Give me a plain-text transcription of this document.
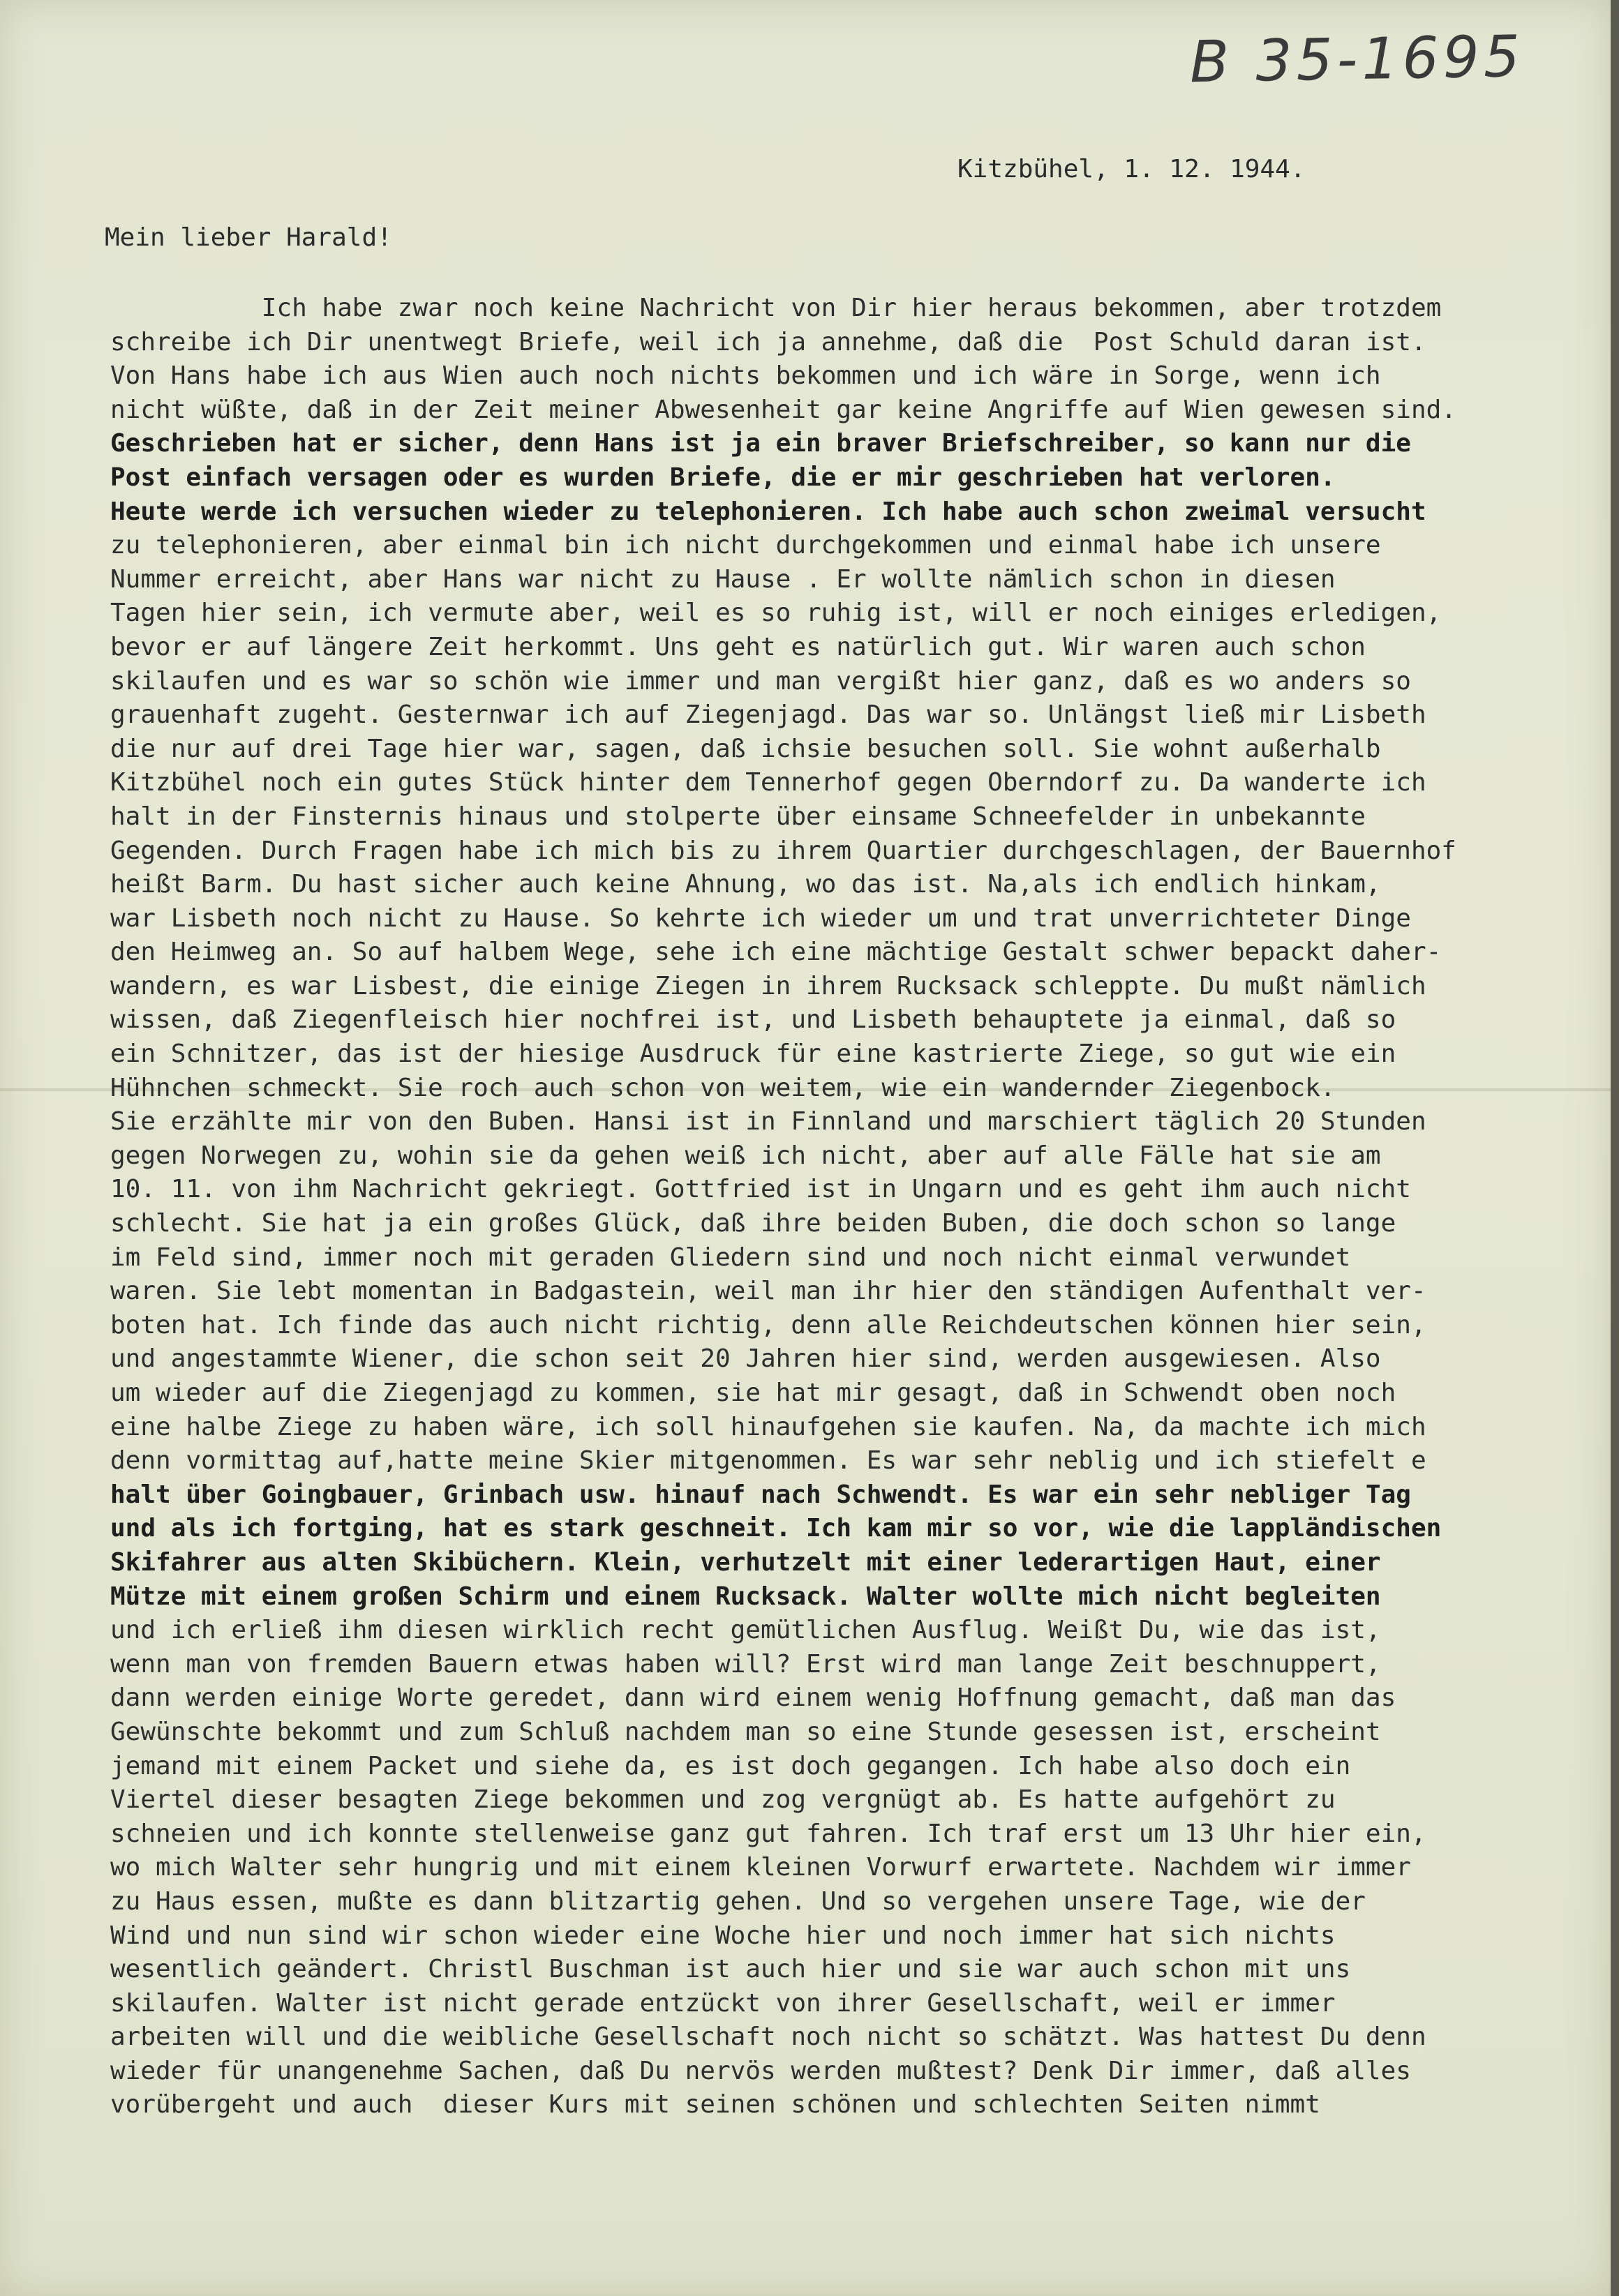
B 35-1695
Kitzbühel, 1. 12. 1944.
Mein lieber Harald!
Ich habe zwar noch keine Nachricht von Dir hier heraus bekommen, aber trotzdem
schreibe ich Dir unentwegt Briefe, weil ich ja annehme, daß die  Post Schuld daran ist.
Von Hans habe ich aus Wien auch noch nichts bekommen und ich wäre in Sorge, wenn ich
nicht wüßte, daß in der Zeit meiner Abwesenheit gar keine Angriffe auf Wien gewesen sind.
Geschrieben hat er sicher, denn Hans ist ja ein braver Briefschreiber, so kann nur die
Post einfach versagen oder es wurden Briefe, die er mir geschrieben hat verloren.
Heute werde ich versuchen wieder zu telephonieren. Ich habe auch schon zweimal versucht
zu telephonieren, aber einmal bin ich nicht durchgekommen und einmal habe ich unsere
Nummer erreicht, aber Hans war nicht zu Hause . Er wollte nämlich schon in diesen
Tagen hier sein, ich vermute aber, weil es so ruhig ist, will er noch einiges erledigen,
bevor er auf längere Zeit herkommt. Uns geht es natürlich gut. Wir waren auch schon
skilaufen und es war so schön wie immer und man vergißt hier ganz, daß es wo anders so
grauenhaft zugeht. Gesternwar ich auf Ziegenjagd. Das war so. Unlängst ließ mir Lisbeth
die nur auf drei Tage hier war, sagen, daß ichsie besuchen soll. Sie wohnt außerhalb
Kitzbühel noch ein gutes Stück hinter dem Tennerhof gegen Oberndorf zu. Da wanderte ich
halt in der Finsternis hinaus und stolperte über einsame Schneefelder in unbekannte
Gegenden. Durch Fragen habe ich mich bis zu ihrem Quartier durchgeschlagen, der Bauernhof
heißt Barm. Du hast sicher auch keine Ahnung, wo das ist. Na,als ich endlich hinkam,
war Lisbeth noch nicht zu Hause. So kehrte ich wieder um und trat unverrichteter Dinge
den Heimweg an. So auf halbem Wege, sehe ich eine mächtige Gestalt schwer bepackt daher-
wandern, es war Lisbest, die einige Ziegen in ihrem Rucksack schleppte. Du mußt nämlich
wissen, daß Ziegenfleisch hier nochfrei ist, und Lisbeth behauptete ja einmal, daß so
ein Schnitzer, das ist der hiesige Ausdruck für eine kastrierte Ziege, so gut wie ein
Hühnchen schmeckt. Sie roch auch schon von weitem, wie ein wandernder Ziegenbock.
Sie erzählte mir von den Buben. Hansi ist in Finnland und marschiert täglich 20 Stunden
gegen Norwegen zu, wohin sie da gehen weiß ich nicht, aber auf alle Fälle hat sie am
10. 11. von ihm Nachricht gekriegt. Gottfried ist in Ungarn und es geht ihm auch nicht
schlecht. Sie hat ja ein großes Glück, daß ihre beiden Buben, die doch schon so lange
im Feld sind, immer noch mit geraden Gliedern sind und noch nicht einmal verwundet
waren. Sie lebt momentan in Badgastein, weil man ihr hier den ständigen Aufenthalt ver-
boten hat. Ich finde das auch nicht richtig, denn alle Reichdeutschen können hier sein,
und angestammte Wiener, die schon seit 20 Jahren hier sind, werden ausgewiesen. Also
um wieder auf die Ziegenjagd zu kommen, sie hat mir gesagt, daß in Schwendt oben noch
eine halbe Ziege zu haben wäre, ich soll hinaufgehen sie kaufen. Na, da machte ich mich
denn vormittag auf,hatte meine Skier mitgenommen. Es war sehr neblig und ich stiefelt e
halt über Goingbauer, Grinbach usw. hinauf nach Schwendt. Es war ein sehr nebliger Tag
und als ich fortging, hat es stark geschneit. Ich kam mir so vor, wie die lappländischen
Skifahrer aus alten Skibüchern. Klein, verhutzelt mit einer lederartigen Haut, einer
Mütze mit einem großen Schirm und einem Rucksack. Walter wollte mich nicht begleiten
und ich erließ ihm diesen wirklich recht gemütlichen Ausflug. Weißt Du, wie das ist,
wenn man von fremden Bauern etwas haben will? Erst wird man lange Zeit beschnuppert,
dann werden einige Worte geredet, dann wird einem wenig Hoffnung gemacht, daß man das
Gewünschte bekommt und zum Schluß nachdem man so eine Stunde gesessen ist, erscheint
jemand mit einem Packet und siehe da, es ist doch gegangen. Ich habe also doch ein
Viertel dieser besagten Ziege bekommen und zog vergnügt ab. Es hatte aufgehört zu
schneien und ich konnte stellenweise ganz gut fahren. Ich traf erst um 13 Uhr hier ein,
wo mich Walter sehr hungrig und mit einem kleinen Vorwurf erwartete. Nachdem wir immer
zu Haus essen, mußte es dann blitzartig gehen. Und so vergehen unsere Tage, wie der
Wind und nun sind wir schon wieder eine Woche hier und noch immer hat sich nichts
wesentlich geändert. Christl Buschman ist auch hier und sie war auch schon mit uns
skilaufen. Walter ist nicht gerade entzückt von ihrer Gesellschaft, weil er immer
arbeiten will und die weibliche Gesellschaft noch nicht so schätzt. Was hattest Du denn
wieder für unangenehme Sachen, daß Du nervös werden mußtest? Denk Dir immer, daß alles
vorübergeht und auch  dieser Kurs mit seinen schönen und schlechten Seiten nimmt
